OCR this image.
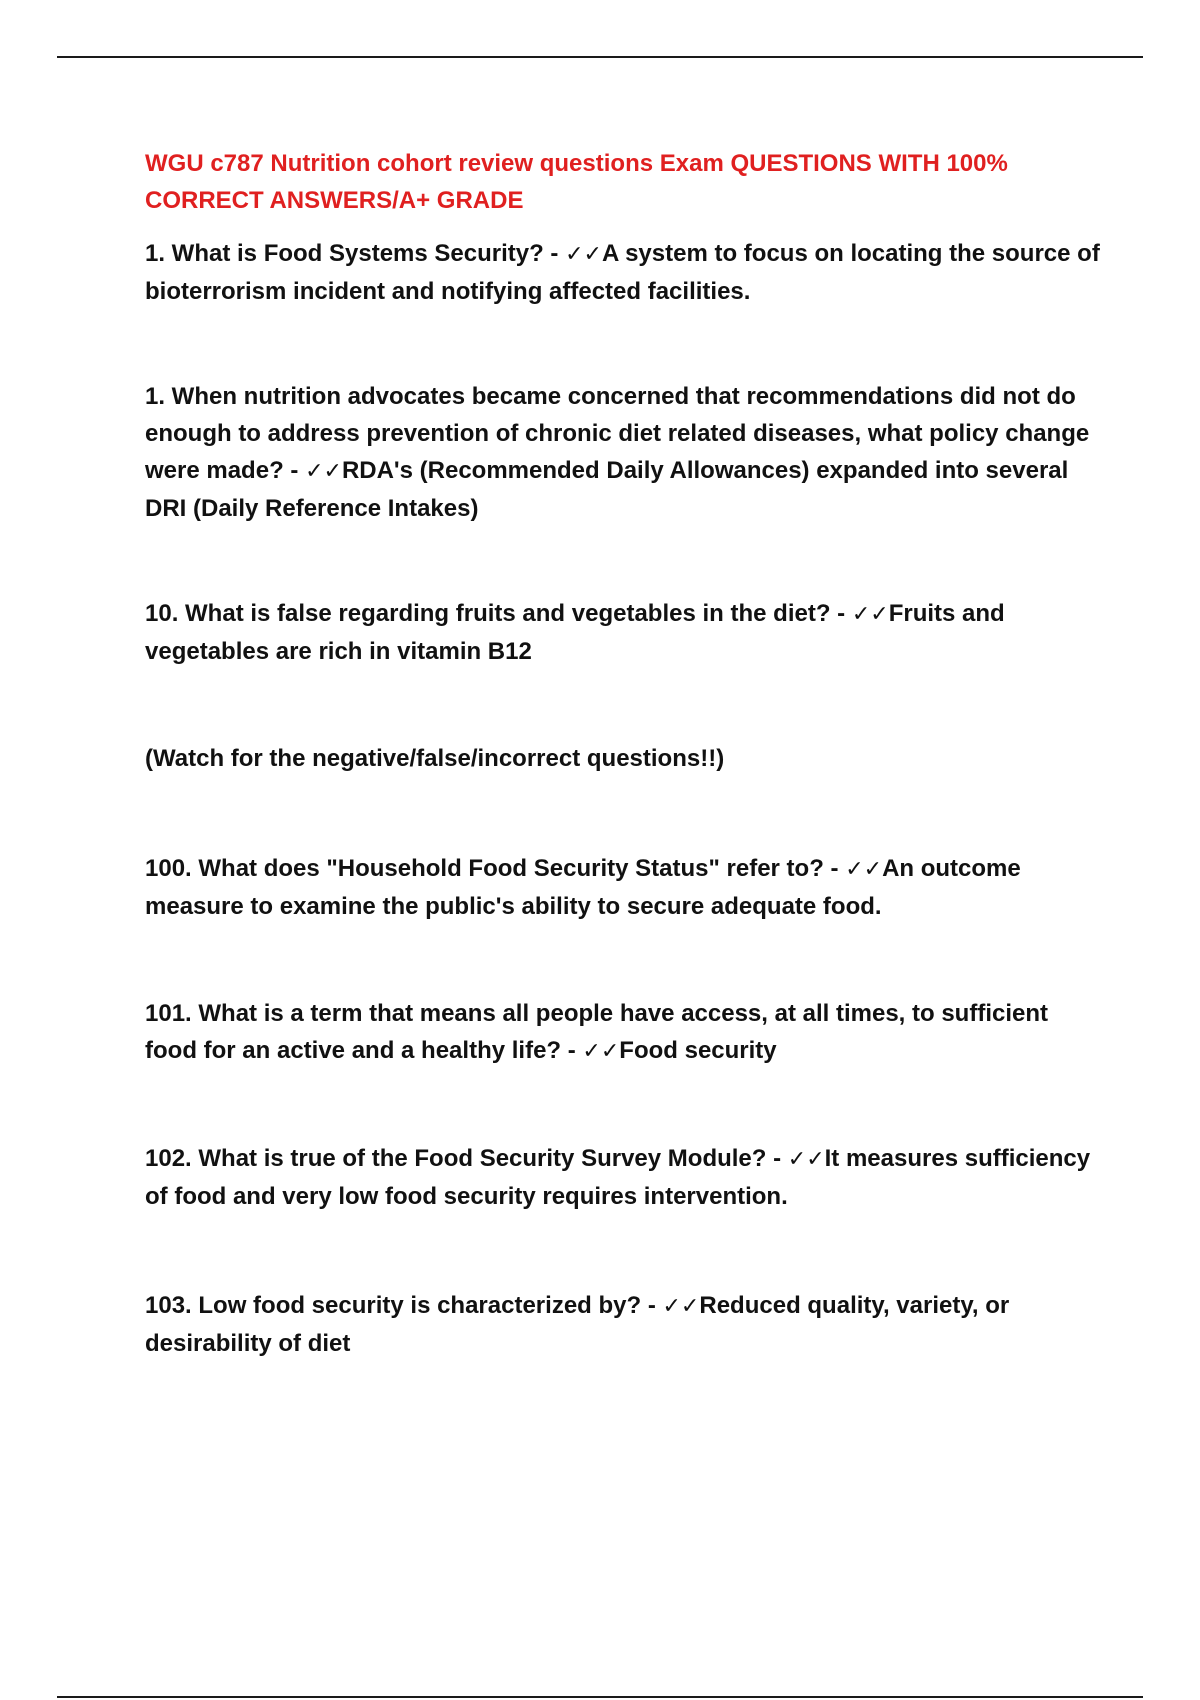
WGU c787 Nutrition cohort review questions Exam QUESTIONS WITH 100% CORRECT ANSWERS/A+ GRADE

1. What is Food Systems Security? - ✓✓A system to focus on locating the source of bioterrorism incident and notifying affected facilities.

1. When nutrition advocates became concerned that recommendations did not do enough to address prevention of chronic diet related diseases, what policy change were made? - ✓✓RDA's (Recommended Daily Allowances) expanded into several DRI (Daily Reference Intakes)

10. What is false regarding fruits and vegetables in the diet? - ✓✓Fruits and vegetables are rich in vitamin B12

(Watch for the negative/false/incorrect questions!!)

100. What does "Household Food Security Status" refer to? - ✓✓An outcome measure to examine the public's ability to secure adequate food.

101. What is a term that means all people have access, at all times, to sufficient food for an active and a healthy life? - ✓✓Food security

102. What is true of the Food Security Survey Module? - ✓✓It measures sufficiency of food and very low food security requires intervention.

103. Low food security is characterized by? - ✓✓Reduced quality, variety, or desirability of diet
